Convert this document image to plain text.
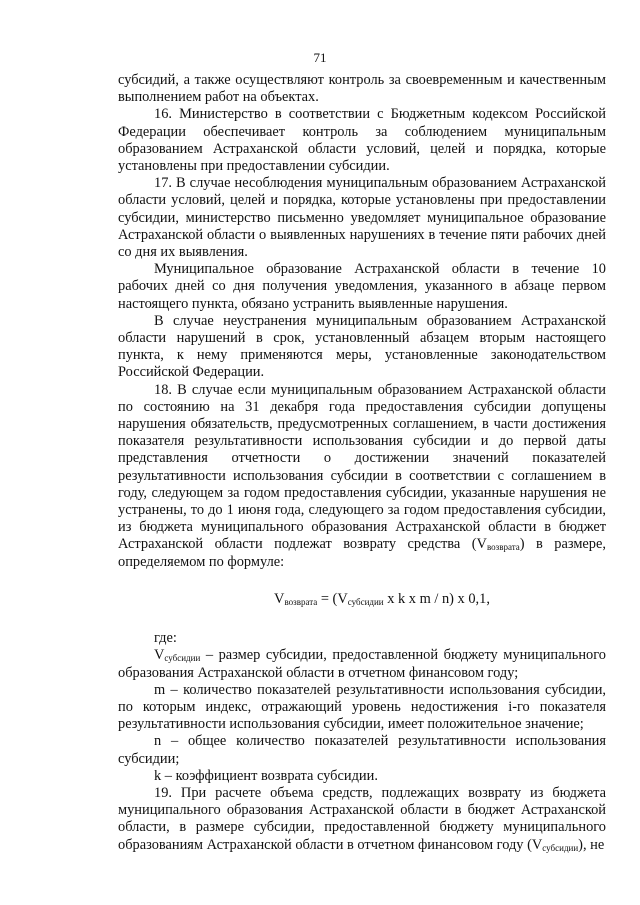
71

субсидий, а также осуществляют контроль за своевременным и качественным выполнением работ на объектах.

16. Министерство в соответствии с Бюджетным кодексом Российской Федерации обеспечивает контроль за соблюдением муниципальным образованием Астраханской области условий, целей и порядка, которые установлены при предоставлении субсидии.

17. В случае несоблюдения муниципальным образованием Астраханской области условий, целей и порядка, которые установлены при предоставлении субсидии, министерство письменно уведомляет муниципальное образование Астраханской области о выявленных нарушениях в течение пяти рабочих дней со дня их выявления.

Муниципальное образование Астраханской области в течение 10 рабочих дней со дня получения уведомления, указанного в абзаце первом настоящего пункта, обязано устранить выявленные нарушения.

В случае неустранения муниципальным образованием Астраханской области нарушений в срок, установленный абзацем вторым настоящего пункта, к нему применяются меры, установленные законодательством Российской Федерации.

18. В случае если муниципальным образованием Астраханской области по состоянию на 31 декабря года предоставления субсидии допущены нарушения обязательств, предусмотренных соглашением, в части достижения показателя результативности использования субсидии и до первой даты представления отчетности о достижении значений показателей результативности использования субсидии в соответствии с соглашением в году, следующем за годом предоставления субсидии, указанные нарушения не устранены, то до 1 июня года, следующего за годом предоставления субсидии, из бюджета муниципального образования Астраханской области в бюджет Астраханской области подлежат возврату средства $(V_{возврата})$ в размере, определяемом по формуле:

$V_{возврата} = (V_{субсидии}$ x k x m / n) x 0,1,

где:

$V_{субсидии}$ – размер субсидии, предоставленной бюджету муниципального образования Астраханской области в отчетном финансовом году;

m – количество показателей результативности использования субсидии, по которым индекс, отражающий уровень недостижения i-го показателя результативности использования субсидии, имеет положительное значение;

n – общее количество показателей результативности использования субсидии;

k – коэффициент возврата субсидии.

19. При расчете объема средств, подлежащих возврату из бюджета муниципального образования Астраханской области в бюджет Астраханской области, в размере субсидии, предоставленной бюджету муниципального образованиям Астраханской области в отчетном финансовом году $(V_{субсидии})$, не
